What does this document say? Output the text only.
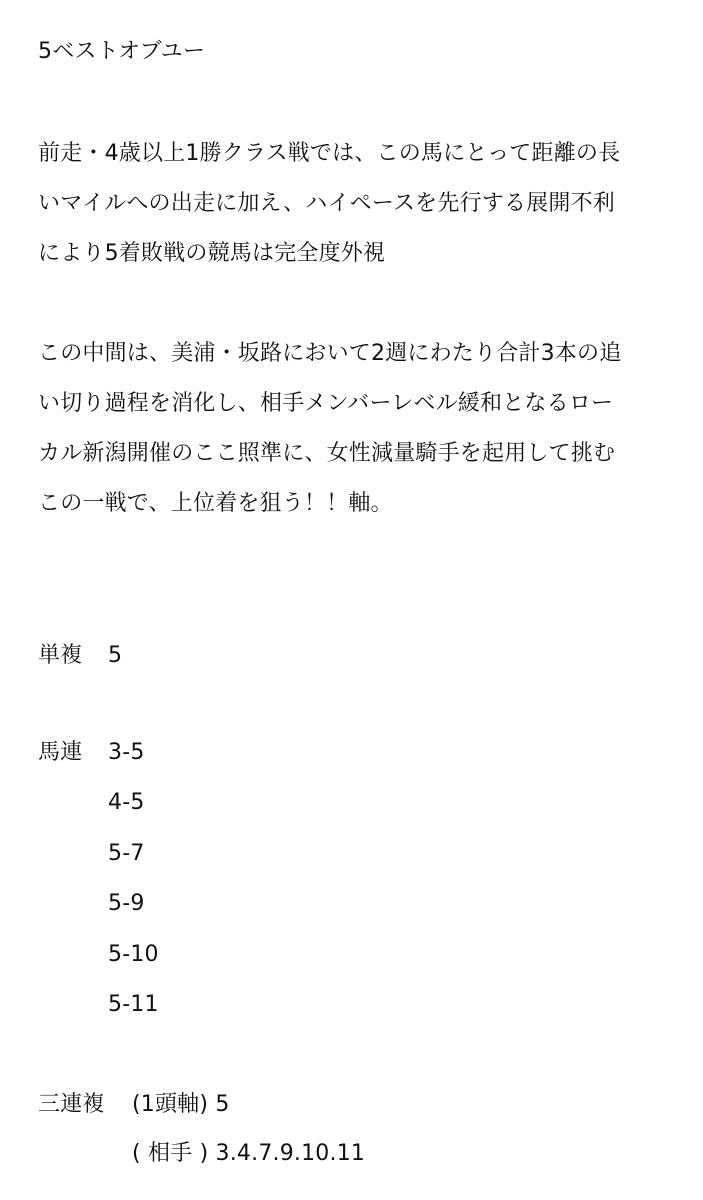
5ベストオブユー
前走・4歳以上1勝クラス戦では、この馬にとって距離の長
いマイルへの出走に加え、ハイペースを先行する展開不利
により5着敗戦の競馬は完全度外視
この中間は、美浦・坂路において2週にわたり合計3本の追
い切り過程を消化し、相手メンバーレベル緩和となるロー
カル新潟開催のここ照準に、女性減量騎手を起用して挑む
この一戦で、上位着を狙う！！軸。
単複 5
馬連 3-5
4-5
5-7
5-9
5-10
5-11
三連複 (1頭軸) 5
( 相手 ) 3.4.7.9.10.11
